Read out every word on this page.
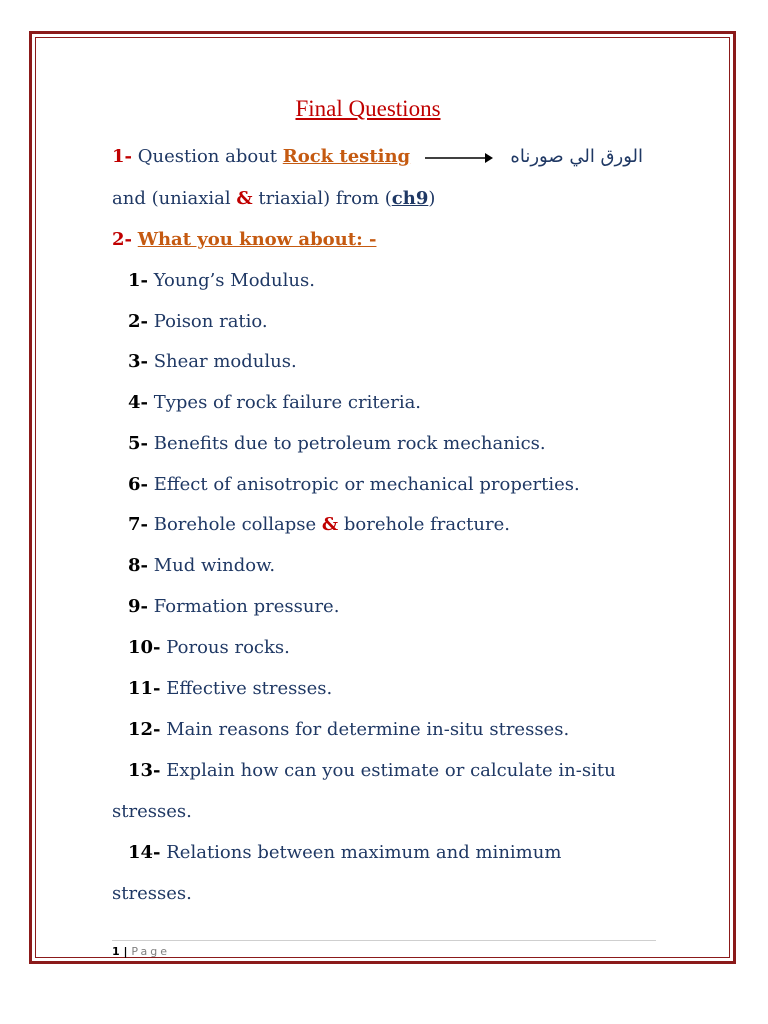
Final Questions
1- Question about Rock testing	الورق الي صورناه
and (uniaxial & triaxial) from (ch9)
2- What you know about: -
1- Young’s Modulus.
2- Poison ratio.
3- Shear modulus.
4- Types of rock failure criteria.
5- Benefits due to petroleum rock mechanics.
6- Effect of anisotropic or mechanical properties.
7- Borehole collapse & borehole fracture.
8- Mud window.
9- Formation pressure.
10- Porous rocks.
11- Effective stresses.
12- Main reasons for determine in-situ stresses.
13- Explain how can you estimate or calculate in-situ
stresses.
14- Relations between maximum and minimum
stresses.
1 | Page
